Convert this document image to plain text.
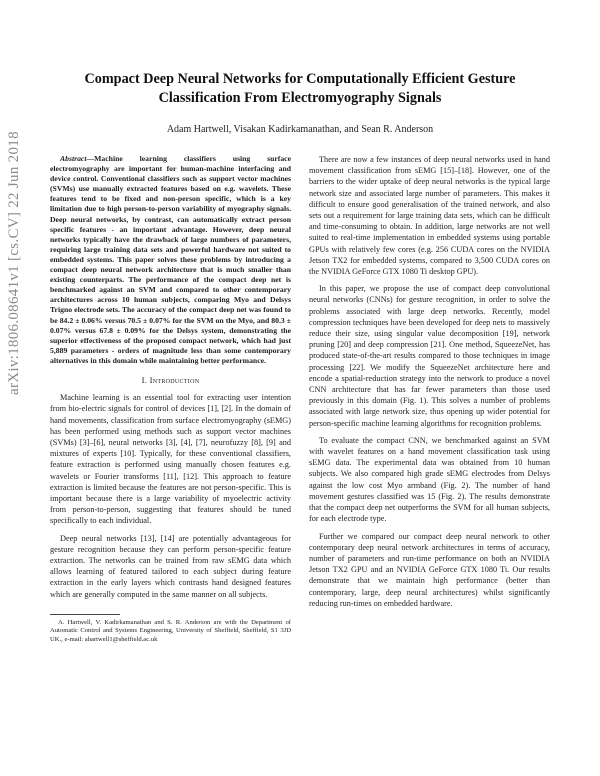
arXiv:1806.08641v1 [cs.CV] 22 Jun 2018
Compact Deep Neural Networks for Computationally Efficient Gesture Classification From Electromyography Signals
Adam Hartwell, Visakan Kadirkamanathan, and Sean R. Anderson

Abstract—Machine learning classifiers using surface electromyography are important for human-machine interfacing and device control. Conventional classifiers such as support vector machines (SVMs) use manually extracted features based on e.g. wavelets. These features tend to be fixed and non-person specific, which is a key limitation due to high person-to-person variability of myography signals. Deep neural networks, by contrast, can automatically extract person specific features - an important advantage. However, deep neural networks typically have the drawback of large numbers of parameters, requiring large training data sets and powerful hardware not suited to embedded systems. This paper solves these problems by introducing a compact deep neural network architecture that is much smaller than existing counterparts. The performance of the compact deep net is benchmarked against an SVM and compared to other contemporary architectures across 10 human subjects, comparing Myo and Delsys Trigno electrode sets. The accuracy of the compact deep net was found to be 84.2 ± 0.06% versus 70.5 ± 0.07% for the SVM on the Myo, and 80.3 ± 0.07% versus 67.8 ± 0.09% for the Delsys system, demonstrating the superior effectiveness of the proposed compact network, which had just 5,889 parameters - orders of magnitude less than some contemporary alternatives in this domain while maintaining better performance.

I. Introduction

Machine learning is an essential tool for extracting user intention from bio-electric signals for control of devices [1], [2]. In the domain of hand movements, classification from surface electromyography (sEMG) has been performed using methods such as support vector machines (SVMs) [3]–[6], neural networks [3], [4], [7], neurofuzzy [8], [9] and mixtures of experts [10]. Typically, for these conventional classifiers, feature extraction is performed using manually chosen features e.g. wavelets or Fourier transforms [11], [12]. This approach to feature extraction is limited because the features are not person-specific. This is important because there is a large variability of myoelectric activity from person-to-person, suggesting that features should be tuned specifically to each individual.

Deep neural networks [13], [14] are potentially advantageous for gesture recognition because they can perform person-specific feature extraction. The networks can be trained from raw sEMG data which allows learning of featured tailored to each subject during feature extraction in the early layers which contrasts hand designed features which are generally computed in the same manner on all subjects.

A. Hartwell, V. Kadirkamanathan and S. R. Anderson are with the Department of Automatic Control and Systems Engineering, University of Sheffield, Sheffield, S1 3JD UK., e-mail: ahartwell1@sheffield.ac.uk

There are now a few instances of deep neural networks used in hand movement classification from sEMG [15]–[18]. However, one of the barriers to the wider uptake of deep neural networks is the typical large network size and associated large number of parameters. This makes it difficult to ensure good generalisation of the trained network, and also sets out a requirement for large training data sets, which can be difficult and time-consuming to obtain. In addition, large networks are not well suited to real-time implementation in embedded systems using portable GPUs with relatively few cores (e.g. 256 CUDA cores on the NVIDIA Jetson TX2 for embedded systems, compared to 3,500 CUDA cores on the NVIDIA GeForce GTX 1080 Ti desktop GPU).

In this paper, we propose the use of compact deep convolutional neural networks (CNNs) for gesture recognition, in order to solve the problems associated with large deep networks. Recently, model compression techniques have been developed for deep nets to massively reduce their size, using singular value decomposition [19], network pruning [20] and deep compression [21]. One method, SqueezeNet, has produced state-of-the-art results compared to those techniques in image processing [22]. We modify the SqueezeNet architecture here and encode a spatial-reduction strategy into the network to produce a novel CNN architecture that has far fewer parameters than those used previously in this domain (Fig. 1). This solves a number of problems associated with large network size, thus opening up wider potential for person-specific machine learning algorithms for recognition problems.

To evaluate the compact CNN, we benchmarked against an SVM with wavelet features on a hand movement classification task using sEMG data. The experimental data was obtained from 10 human subjects. We also compared high grade sEMG electrodes from Delsys against the low cost Myo armband (Fig. 2). The number of hand movement gestures classified was 15 (Fig. 2). The results demonstrate that the compact deep net outperforms the SVM for all human subjects, for each electrode type.

Further we compared our compact deep neural network to other contemporary deep neural network architectures in terms of accuracy, number of parameters and run-time performance on both an NVIDIA Jetson TX2 GPU and an NVIDIA GeForce GTX 1080 Ti. Our results demonstrate that we maintain high performance (better than contemporary, large, deep neural architectures) whilst significantly reducing run-times on embedded hardware.
